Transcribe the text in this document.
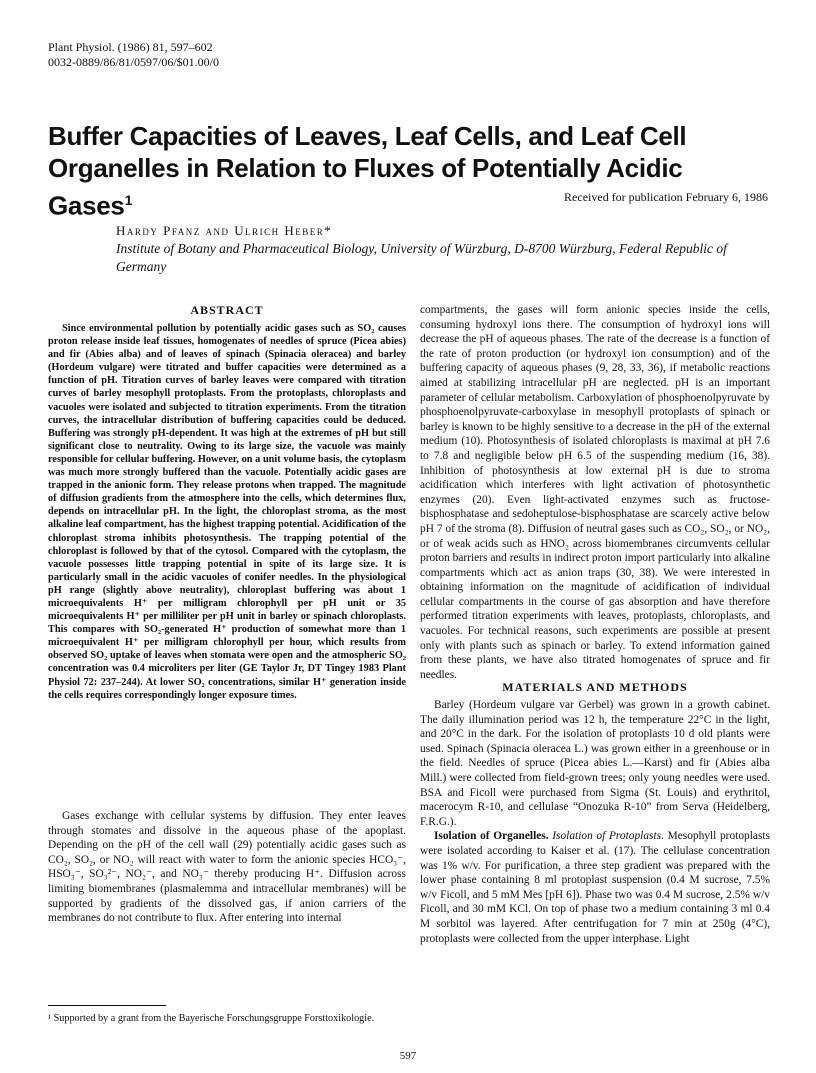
Plant Physiol. (1986) 81, 597–602
0032-0889/86/81/0597/06/$01.00/0
Buffer Capacities of Leaves, Leaf Cells, and Leaf Cell Organelles in Relation to Fluxes of Potentially Acidic Gases$^1$	Received for publication February 6, 1986
Hardy Pfanz and Ulrich Heber*
Institute of Botany and Pharmaceutical Biology, University of Würzburg, D-8700 Würzburg, Federal Republic of Germany
ABSTRACT

Since environmental pollution by potentially acidic gases such as SO₂ causes proton release inside leaf tissues, homogenates of needles of spruce (Picea abies) and fir (Abies alba) and of leaves of spinach (Spinacia oleracea) and barley (Hordeum vulgare) were titrated and buffer capacities were determined as a function of pH. Titration curves of barley leaves were compared with titration curves of barley mesophyll protoplasts. From the protoplasts, chloroplasts and vacuoles were isolated and subjected to titration experiments. From the titration curves, the intracellular distribution of buffering capacities could be deduced. Buffering was strongly pH-dependent. It was high at the extremes of pH but still significant close to neutrality. Owing to its large size, the vacuole was mainly responsible for cellular buffering. However, on a unit volume basis, the cytoplasm was much more strongly buffered than the vacuole. Potentially acidic gases are trapped in the anionic form. They release protons when trapped. The magnitude of diffusion gradients from the atmosphere into the cells, which determines flux, depends on intracellular pH. In the light, the chloroplast stroma, as the most alkaline leaf compartment, has the highest trapping potential. Acidification of the chloroplast stroma inhibits photosynthesis. The trapping potential of the chloroplast is followed by that of the cytosol. Compared with the cytoplasm, the vacuole possesses little trapping potential in spite of its large size. It is particularly small in the acidic vacuoles of conifer needles. In the physiological pH range (slightly above neutrality), chloroplast buffering was about 1 microequivalents H⁺ per milligram chlorophyll per pH unit or 35 microequivalents H⁺ per milliliter per pH unit in barley or spinach chloroplasts. This compares with SO₂-generated H⁺ production of somewhat more than 1 microequivalent H⁺ per milligram chlorophyll per hour, which results from observed SO₂ uptake of leaves when stomata were open and the atmospheric SO₂ concentration was 0.4 microliters per liter (GE Taylor Jr, DT Tingey 1983 Plant Physiol 72: 237–244). At lower SO₂ concentrations, similar H⁺ generation inside the cells requires correspondingly longer exposure times.

Gases exchange with cellular systems by diffusion. They enter leaves through stomates and dissolve in the aqueous phase of the apoplast. Depending on the pH of the cell wall (29) potentially acidic gases such as CO₂, SO₂, or NO₂ will react with water to form the anionic species HCO₃⁻, HSO₃⁻, SO₃²⁻, NO₂⁻, and NO₃⁻ thereby producing H⁺. Diffusion across limiting biomembranes (plasmalemma and intracellular membranes) will be supported by gradients of the dissolved gas, if anion carriers of the membranes do not contribute to flux. After entering into internal

¹ Supported by a grant from the Bayerische Forschungsgruppe Forsttoxikologie.

compartments, the gases will form anionic species inside the cells, consuming hydroxyl ions there. The consumption of hydroxyl ions will decrease the pH of aqueous phases. The rate of the decrease is a function of the rate of proton production (or hydroxyl ion consumption) and of the buffering capacity of aqueous phases (9, 28, 33, 36), if metabolic reactions aimed at stabilizing intracellular pH are neglected. pH is an important parameter of cellular metabolism. Carboxylation of phosphoenolpyruvate by phosphoenolpyruvate-carboxylase in mesophyll protoplasts of spinach or barley is known to be highly sensitive to a decrease in the pH of the external medium (10). Photosynthesis of isolated chloroplasts is maximal at pH 7.6 to 7.8 and negligible below pH 6.5 of the suspending medium (16, 38). Inhibition of photosynthesis at low external pH is due to stroma acidification which interferes with light activation of photosynthetic enzymes (20). Even light-activated enzymes such as fructose-bisphosphatase and sedoheptulose-bisphosphatase are scarcely active below pH 7 of the stroma (8). Diffusion of neutral gases such as CO₂, SO₂, or NO₂, or of weak acids such as HNO₂ across biomembranes circumvents cellular proton barriers and results in indirect proton import particularly into alkaline compartments which act as anion traps (30, 38). We were interested in obtaining information on the magnitude of acidification of individual cellular compartments in the course of gas absorption and have therefore performed titration experiments with leaves, protoplasts, chloroplasts, and vacuoles. For technical reasons, such experiments are possible at present only with plants such as spinach or barley. To extend information gained from these plants, we have also titrated homogenates of spruce and fir needles.

MATERIALS AND METHODS

Barley (Hordeum vulgare var Gerbel) was grown in a growth cabinet. The daily illumination period was 12 h, the temperature 22°C in the light, and 20°C in the dark. For the isolation of protoplasts 10 d old plants were used. Spinach (Spinacia oleracea L.) was grown either in a greenhouse or in the field. Needles of spruce (Picea abies L.—Karst) and fir (Abies alba Mill.) were collected from field-grown trees; only young needles were used. BSA and Ficoll were purchased from Sigma (St. Louis) and erythritol, macerocym R-10, and cellulase “Onozuka R-10” from Serva (Heidelberg, F.R.G.).

Isolation of Organelles. Isolation of Protoplasts. Mesophyll protoplasts were isolated according to Kaiser et al. (17). The cellulase concentration was 1% w/v. For purification, a three step gradient was prepared with the lower phase containing 8 ml protoplast suspension (0.4 M sucrose, 7.5% w/v Ficoll, and 5 mM Mes [pH 6]). Phase two was 0.4 M sucrose, 2.5% w/v Ficoll, and 30 mM KCl. On top of phase two a medium containing 3 ml 0.4 M sorbitol was layered. After centrifugation for 7 min at 250g (4°C), protoplasts were collected from the upper interphase. Light

597
